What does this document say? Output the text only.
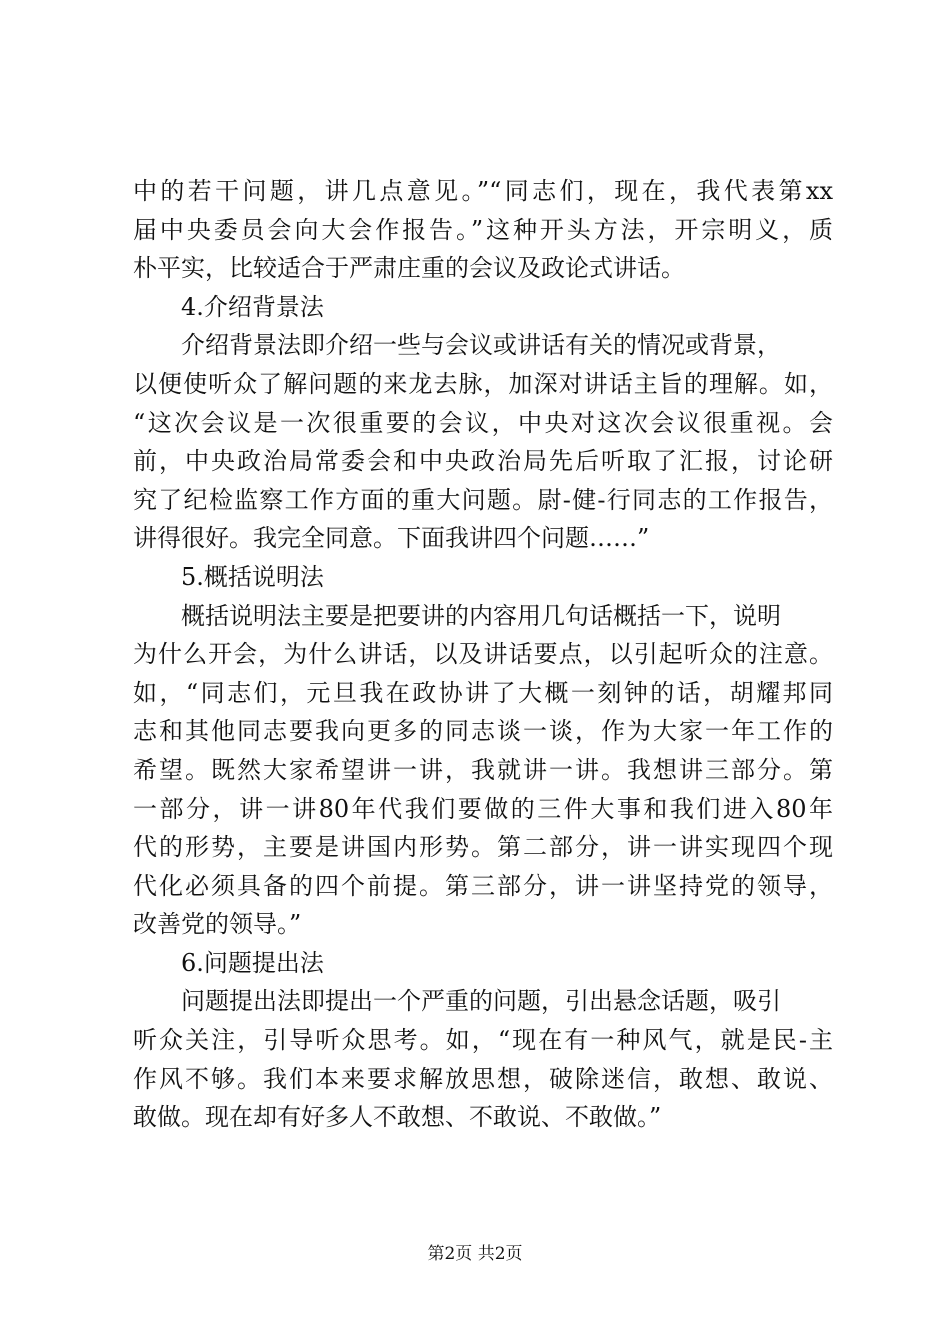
中的若干问题，讲几点意见。”“同志们，现在，我代表第xx
届中央委员会向大会作报告。”这种开头方法，开宗明义，质
朴平实，比较适合于严肃庄重的会议及政论式讲话。
4.介绍背景法
介绍背景法即介绍一些与会议或讲话有关的情况或背景，
以便使听众了解问题的来龙去脉，加深对讲话主旨的理解。如，
“这次会议是一次很重要的会议，中央对这次会议很重视。会
前，中央政治局常委会和中央政治局先后听取了汇报，讨论研
究了纪检监察工作方面的重大问题。尉-健-行同志的工作报告，
讲得很好。我完全同意。下面我讲四个问题……”
5.概括说明法
概括说明法主要是把要讲的内容用几句话概括一下，说明
为什么开会，为什么讲话，以及讲话要点，以引起听众的注意。
如，“同志们，元旦我在政协讲了大概一刻钟的话，胡耀邦同
志和其他同志要我向更多的同志谈一谈，作为大家一年工作的
希望。既然大家希望讲一讲，我就讲一讲。我想讲三部分。第
一部分，讲一讲80年代我们要做的三件大事和我们进入80年
代的形势，主要是讲国内形势。第二部分，讲一讲实现四个现
代化必须具备的四个前提。第三部分，讲一讲坚持党的领导，
改善党的领导。”
6.问题提出法
问题提出法即提出一个严重的问题，引出悬念话题，吸引
听众关注，引导听众思考。如，“现在有一种风气，就是民-主
作风不够。我们本来要求解放思想，破除迷信，敢想、敢说、
敢做。现在却有好多人不敢想、不敢说、不敢做。”
第2页 共2页
